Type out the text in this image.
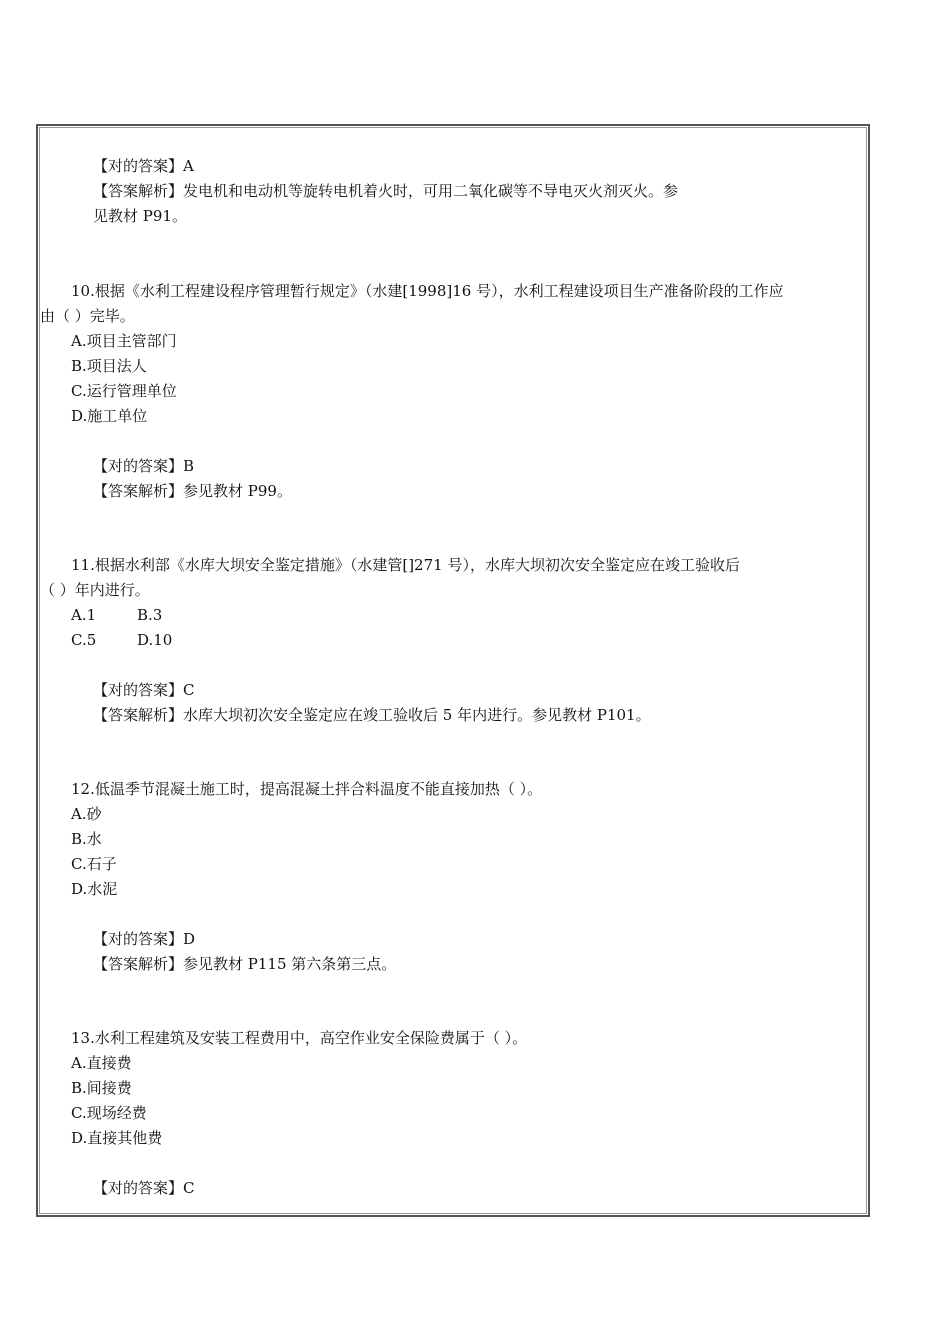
【对的答案】A
【答案解析】发电机和电动机等旋转电机着火时，可用二氧化碳等不导电灭火剂灭火。参
见教材 P91。
10.根据《水利工程建设程序管理暂行规定》（水建[1998]16 号），水利工程建设项目生产准备阶段的工作应
由（ ）完毕。
A.项目主管部门
B.项目法人
C.运行管理单位
D.施工单位
【对的答案】B
【答案解析】参见教材 P99。
11.根据水利部《水库大坝安全鉴定措施》（水建管[]271 号），水库大坝初次安全鉴定应在竣工验收后
（ ）年内进行。
A.1	B.3
C.5	D.10
【对的答案】C
【答案解析】水库大坝初次安全鉴定应在竣工验收后 5 年内进行。参见教材 P101。
12.低温季节混凝土施工时，提高混凝土拌合料温度不能直接加热（ ）。
A.砂
B.水
C.石子
D.水泥
【对的答案】D
【答案解析】参见教材 P115 第六条第三点。
13.水利工程建筑及安装工程费用中，高空作业安全保险费属于（ ）。
A.直接费
B.间接费
C.现场经费
D.直接其他费
【对的答案】C
